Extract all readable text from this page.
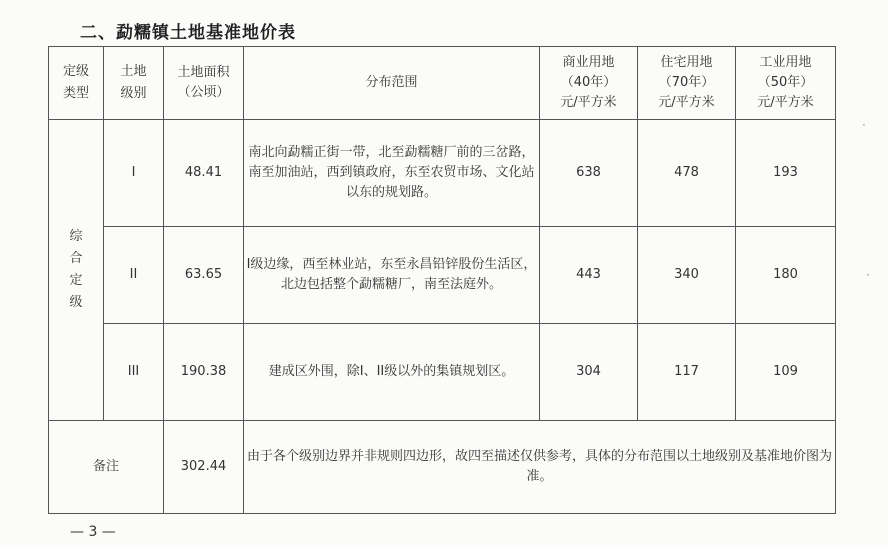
二、勐糯镇土地基准地价表
定级类型	土地级别	土地面积（公顷）	分布范围	商业用地（40年）元/平方米	住宅用地（70年）元/平方米	工业用地（50年）元/平方米
综合定级	I	48.41	南北向勐糯正街一带，北至勐糯糖厂前的三岔路，南至加油站，西到镇政府，东至农贸市场、文化站以东的规划路。	638	478	193
	II	63.65	I级边缘，西至林业站，东至永昌铅锌股份生活区，北边包括整个勐糯糖厂，南至法庭外。	443	340	180
	III	190.38	建成区外围，除I、II级以外的集镇规划区。	304	117	109
备注		302.44	由于各个级别边界并非规则四边形，故四至描述仅供参考，具体的分布范围以土地级别及基准地价图为准。			
— 3 —
·
·
